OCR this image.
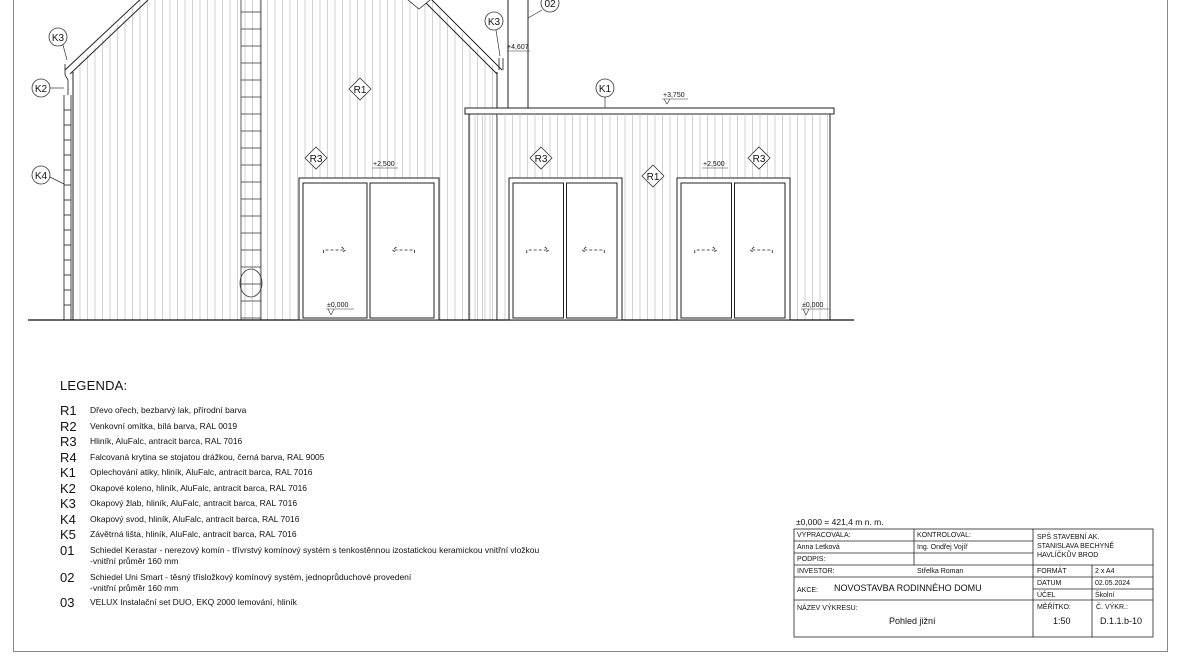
K3
K2
K4
K3
02
K1
R1
R1
R3	R3	R3
+4,607
+3,750
+2,500	+2,500
±0,000	±0,000
LEGENDA:
R1	Dřevo ořech, bezbarvý lak, přírodní barva
R2	Venkovní omítka, bílá barva, RAL 0019
R3	Hliník, AluFalc, antracit barca, RAL 7016
R4	Falcovaná krytina se stojatou drážkou, černá barva, RAL 9005
K1	Oplechování atiky, hliník, AluFalc, antracit barca, RAL 7016
K2	Okapové koleno, hliník, AluFalc, antracit barca, RAL 7016
K3	Okapový žlab, hliník, AluFalc, antracit barca, RAL 7016
K4	Okapový svod, hliník, AluFalc, antracit barca, RAL 7016
K5	Závětrná lišta, hliník, AluFalc, antracit barca, RAL 7016
01	Schiedel Kerastar - nerezový komín - třívrstvý komínový systém s tenkostěnnou izostatickou keramickou vnitřní vložkou
-vnitřní průměr 160 mm
02	Schiedel Uni Smart - těsný třísložkový komínový systém, jednoprůduchové provedení
-vnitřní průměr 160 mm
03	VELUX Instalační set DUO, EKQ 2000 lemování, hliník
±0,000 = 421,4 m n. m.
VYPRACOVALA:	KONTROLOVAL:
Anna Letková	Ing. Ondřej Vojíř
PODPIS:
INVESTOR:	Střelka Roman
AKCE: NOVOSTAVBA RODINNÉHO DOMU
NÁZEV VÝKRESU:
Pohled jižní
SPŠ STAVEBNÍ AK.
STANISLAVA BECHYNĚ
HAVLÍČKŮV BROD
FORMÁT	2 x A4
DATUM	02.05.2024
ÚČEL	Školní
MĚŘÍTKO:
1:50
Č. VÝKR.:
D.1.1.b-10
